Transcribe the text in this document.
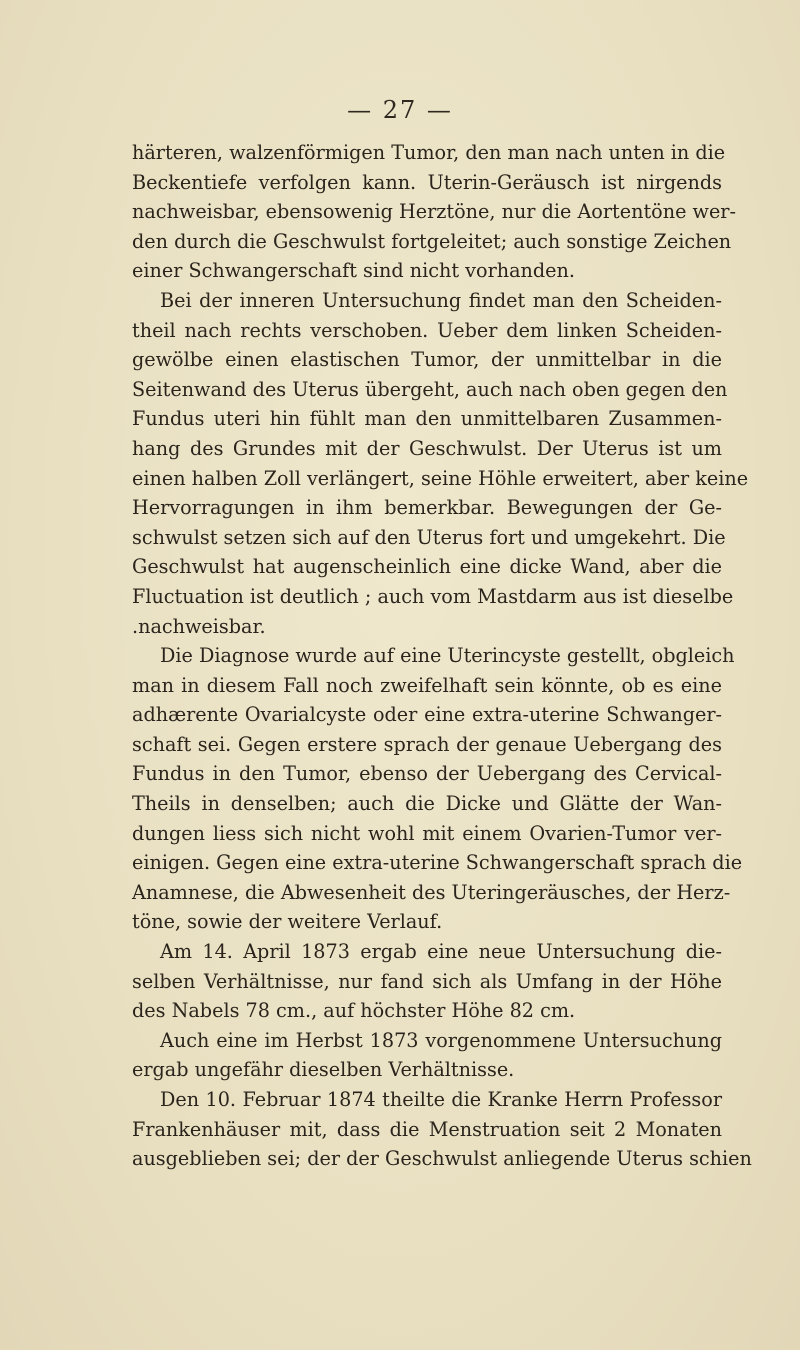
— 27 —
härteren, walzenförmigen Tumor, den man nach unten in die
Beckentiefe verfolgen kann. Uterin-Geräusch ist nirgends
nachweisbar, ebensowenig Herztöne, nur die Aortentöne wer-
den durch die Geschwulst fortgeleitet; auch sonstige Zeichen
einer Schwangerschaft sind nicht vorhanden.
Bei der inneren Untersuchung findet man den Scheiden-
theil nach rechts verschoben. Ueber dem linken Scheiden-
gewölbe einen elastischen Tumor, der unmittelbar in die
Seitenwand des Uterus übergeht, auch nach oben gegen den
Fundus uteri hin fühlt man den unmittelbaren Zusammen-
hang des Grundes mit der Geschwulst. Der Uterus ist um
einen halben Zoll verlängert, seine Höhle erweitert, aber keine
Hervorragungen in ihm bemerkbar. Bewegungen der Ge-
schwulst setzen sich auf den Uterus fort und umgekehrt. Die
Geschwulst hat augenscheinlich eine dicke Wand, aber die
Fluctuation ist deutlich ; auch vom Mastdarm aus ist dieselbe
.nachweisbar.
Die Diagnose wurde auf eine Uterincyste gestellt, obgleich
man in diesem Fall noch zweifelhaft sein könnte, ob es eine
adhærente Ovarialcyste oder eine extra-uterine Schwanger-
schaft sei. Gegen erstere sprach der genaue Uebergang des
Fundus in den Tumor, ebenso der Uebergang des Cervical-
Theils in denselben; auch die Dicke und Glätte der Wan-
dungen liess sich nicht wohl mit einem Ovarien-Tumor ver-
einigen. Gegen eine extra-uterine Schwangerschaft sprach die
Anamnese, die Abwesenheit des Uteringeräusches, der Herz-
töne, sowie der weitere Verlauf.
Am 14. April 1873 ergab eine neue Untersuchung die-
selben Verhältnisse, nur fand sich als Umfang in der Höhe
des Nabels 78 cm., auf höchster Höhe 82 cm.
Auch eine im Herbst 1873 vorgenommene Untersuchung
ergab ungefähr dieselben Verhältnisse.
Den 10. Februar 1874 theilte die Kranke Herrn Professor
Frankenhäuser mit, dass die Menstruation seit 2 Monaten
ausgeblieben sei; der der Geschwulst anliegende Uterus schien
